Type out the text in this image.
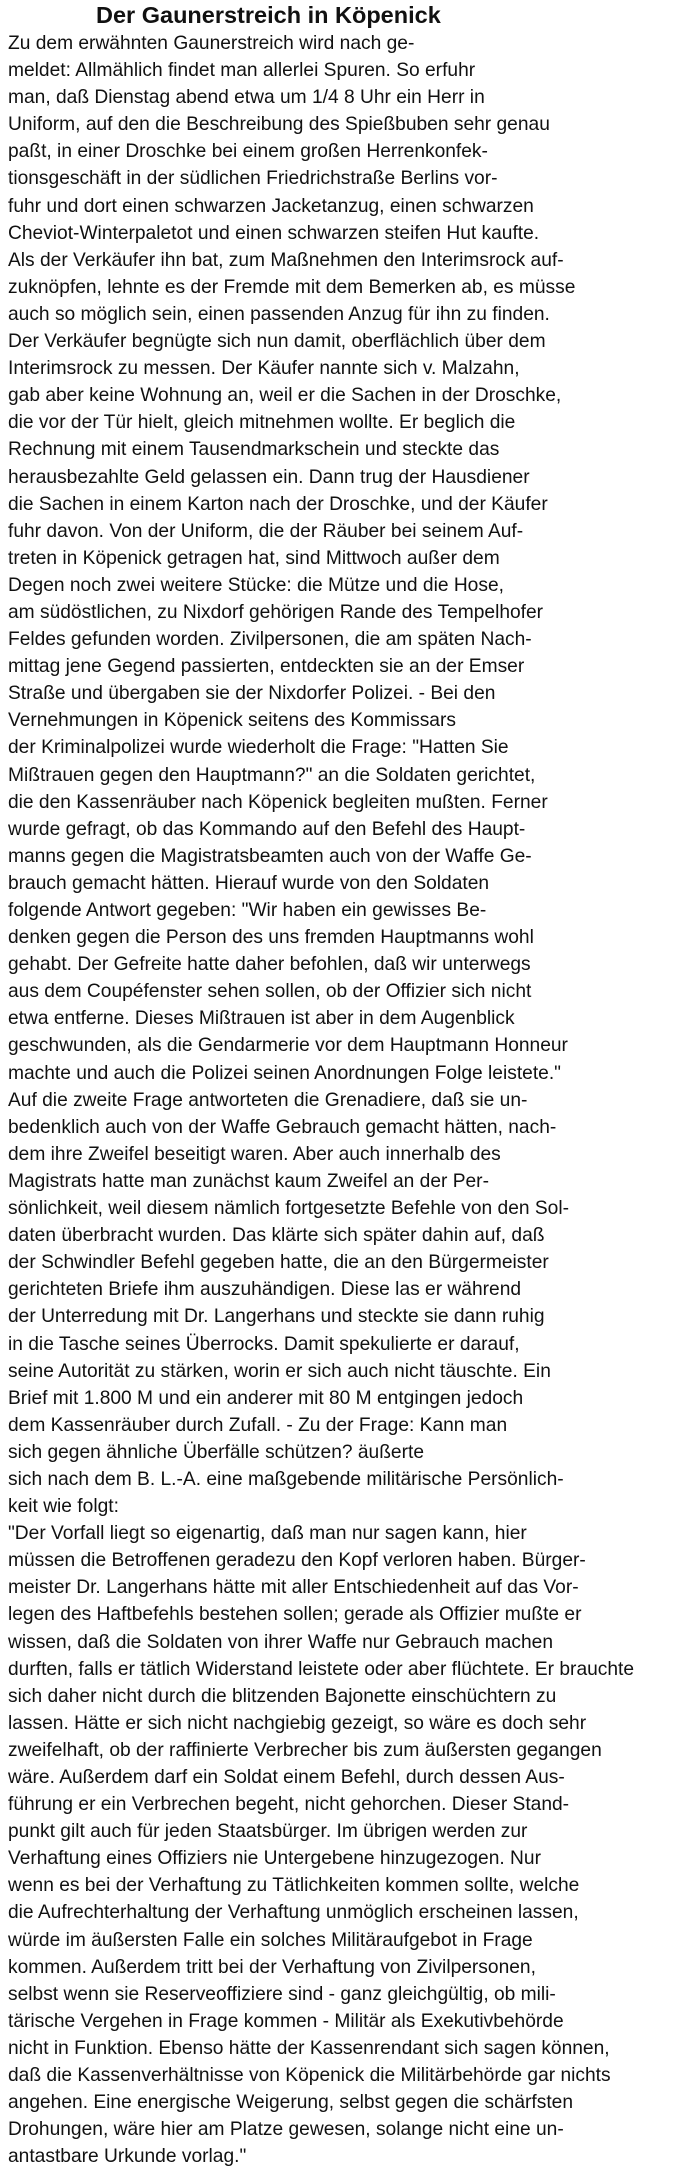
Der Gaunerstreich in Köpenick
Zu dem erwähnten Gaunerstreich wird nach ge-
meldet: Allmählich findet man allerlei Spuren. So erfuhr
man, daß Dienstag abend etwa um 1/4 8 Uhr ein Herr in
Uniform, auf den die Beschreibung des Spießbuben sehr genau
paßt, in einer Droschke bei einem großen Herrenkonfek-
tionsgeschäft in der südlichen Friedrichstraße Berlins vor-
fuhr und dort einen schwarzen Jacketanzug, einen schwarzen
Cheviot-Winterpaletot und einen schwarzen steifen Hut kaufte.
Als der Verkäufer ihn bat, zum Maßnehmen den Interimsrock auf-
zuknöpfen, lehnte es der Fremde mit dem Bemerken ab, es müsse
auch so möglich sein, einen passenden Anzug für ihn zu finden.
Der Verkäufer begnügte sich nun damit, oberflächlich über dem
Interimsrock zu messen. Der Käufer nannte sich v. Malzahn,
gab aber keine Wohnung an, weil er die Sachen in der Droschke,
die vor der Tür hielt, gleich mitnehmen wollte. Er beglich die
Rechnung mit einem Tausendmarkschein und steckte das
herausbezahlte Geld gelassen ein. Dann trug der Hausdiener
die Sachen in einem Karton nach der Droschke, und der Käufer
fuhr davon. Von der Uniform, die der Räuber bei seinem Auf-
treten in Köpenick getragen hat, sind Mittwoch außer dem
Degen noch zwei weitere Stücke: die Mütze und die Hose,
am südöstlichen, zu Nixdorf gehörigen Rande des Tempelhofer
Feldes gefunden worden. Zivilpersonen, die am späten Nach-
mittag jene Gegend passierten, entdeckten sie an der Emser
Straße und übergaben sie der Nixdorfer Polizei. - Bei den
Vernehmungen in Köpenick seitens des Kommissars
der Kriminalpolizei wurde wiederholt die Frage: "Hatten Sie
Mißtrauen gegen den Hauptmann?" an die Soldaten gerichtet,
die den Kassenräuber nach Köpenick begleiten mußten. Ferner
wurde gefragt, ob das Kommando auf den Befehl des Haupt-
manns gegen die Magistratsbeamten auch von der Waffe Ge-
brauch gemacht hätten. Hierauf wurde von den Soldaten
folgende Antwort gegeben: "Wir haben ein gewisses Be-
denken gegen die Person des uns fremden Hauptmanns wohl
gehabt. Der Gefreite hatte daher befohlen, daß wir unterwegs
aus dem Coupéfenster sehen sollen, ob der Offizier sich nicht
etwa entferne. Dieses Mißtrauen ist aber in dem Augenblick
geschwunden, als die Gendarmerie vor dem Hauptmann Honneur
machte und auch die Polizei seinen Anordnungen Folge leistete."
Auf die zweite Frage antworteten die Grenadiere, daß sie un-
bedenklich auch von der Waffe Gebrauch gemacht hätten, nach-
dem ihre Zweifel beseitigt waren. Aber auch innerhalb des
Magistrats hatte man zunächst kaum Zweifel an der Per-
sönlichkeit, weil diesem nämlich fortgesetzte Befehle von den Sol-
daten überbracht wurden. Das klärte sich später dahin auf, daß
der Schwindler Befehl gegeben hatte, die an den Bürgermeister
gerichteten Briefe ihm auszuhändigen. Diese las er während
der Unterredung mit Dr. Langerhans und steckte sie dann ruhig
in die Tasche seines Überrocks. Damit spekulierte er darauf,
seine Autorität zu stärken, worin er sich auch nicht täuschte. Ein
Brief mit 1.800 M und ein anderer mit 80 M entgingen jedoch
dem Kassenräuber durch Zufall. - Zu der Frage: Kann man
sich gegen ähnliche Überfälle schützen? äußerte
sich nach dem B. L.-A. eine maßgebende militärische Persönlich-
keit wie folgt:
"Der Vorfall liegt so eigenartig, daß man nur sagen kann, hier
müssen die Betroffenen geradezu den Kopf verloren haben. Bürger-
meister Dr. Langerhans hätte mit aller Entschiedenheit auf das Vor-
legen des Haftbefehls bestehen sollen; gerade als Offizier mußte er
wissen, daß die Soldaten von ihrer Waffe nur Gebrauch machen
durften, falls er tätlich Widerstand leistete oder aber flüchtete. Er brauchte
sich daher nicht durch die blitzenden Bajonette einschüchtern zu
lassen. Hätte er sich nicht nachgiebig gezeigt, so wäre es doch sehr
zweifelhaft, ob der raffinierte Verbrecher bis zum äußersten gegangen
wäre. Außerdem darf ein Soldat einem Befehl, durch dessen Aus-
führung er ein Verbrechen begeht, nicht gehorchen. Dieser Stand-
punkt gilt auch für jeden Staatsbürger. Im übrigen werden zur
Verhaftung eines Offiziers nie Untergebene hinzugezogen. Nur
wenn es bei der Verhaftung zu Tätlichkeiten kommen sollte, welche
die Aufrechterhaltung der Verhaftung unmöglich erscheinen lassen,
würde im äußersten Falle ein solches Militäraufgebot in Frage
kommen. Außerdem tritt bei der Verhaftung von Zivilpersonen,
selbst wenn sie Reserveoffiziere sind - ganz gleichgültig, ob mili-
tärische Vergehen in Frage kommen - Militär als Exekutivbehörde
nicht in Funktion. Ebenso hätte der Kassenrendant sich sagen können,
daß die Kassenverhältnisse von Köpenick die Militärbehörde gar nichts
angehen. Eine energische Weigerung, selbst gegen die schärfsten
Drohungen, wäre hier am Platze gewesen, solange nicht eine un-
antastbare Urkunde vorlag."
